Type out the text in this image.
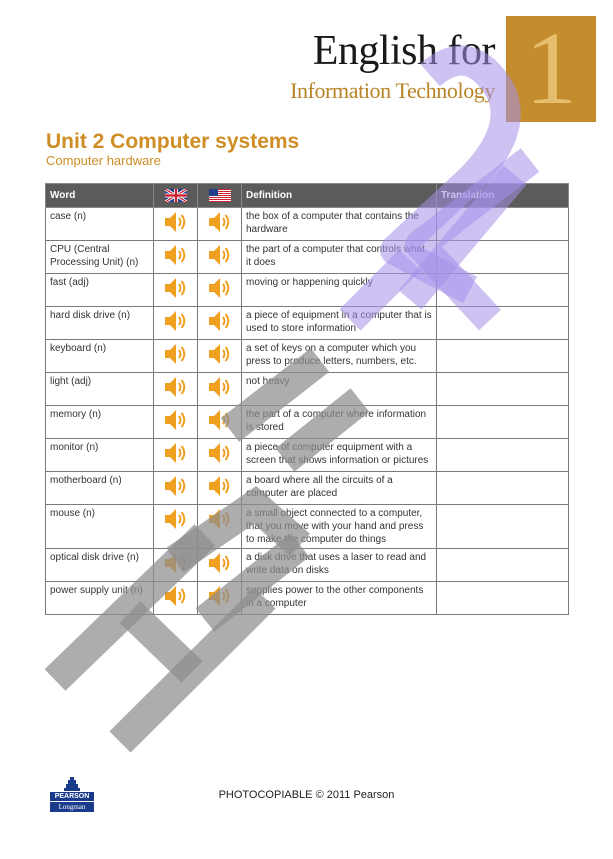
English for
Information Technology 1
Unit 2 Computer systems
Computer hardware
Word			Definition	Translation
case (n)			the box of a computer that contains the hardware	
CPU (Central Processing Unit) (n)			the part of a computer that controls what it does	
fast (adj)			moving or happening quickly	
hard disk drive (n)			a piece of equipment in a computer that is used to store information	
keyboard (n)			a set of keys on a computer which you press to produce letters, numbers, etc.	
light (adj)			not heavy	
memory (n)			the part of a computer where information is stored	
monitor (n)			a piece of computer equipment with a screen that shows information or pictures	
motherboard (n)			a board where all the circuits of a computer are placed	
mouse (n)			a small object connected to a computer, that you move with your hand and press to make the computer do things	
optical disk drive (n)			a disk drive that uses a laser to read and write data on disks	
power supply unit (n)			supplies power to the other components in a computer	
PEARSON
Longman
PHOTOCOPIABLE © 2011 Pearson
